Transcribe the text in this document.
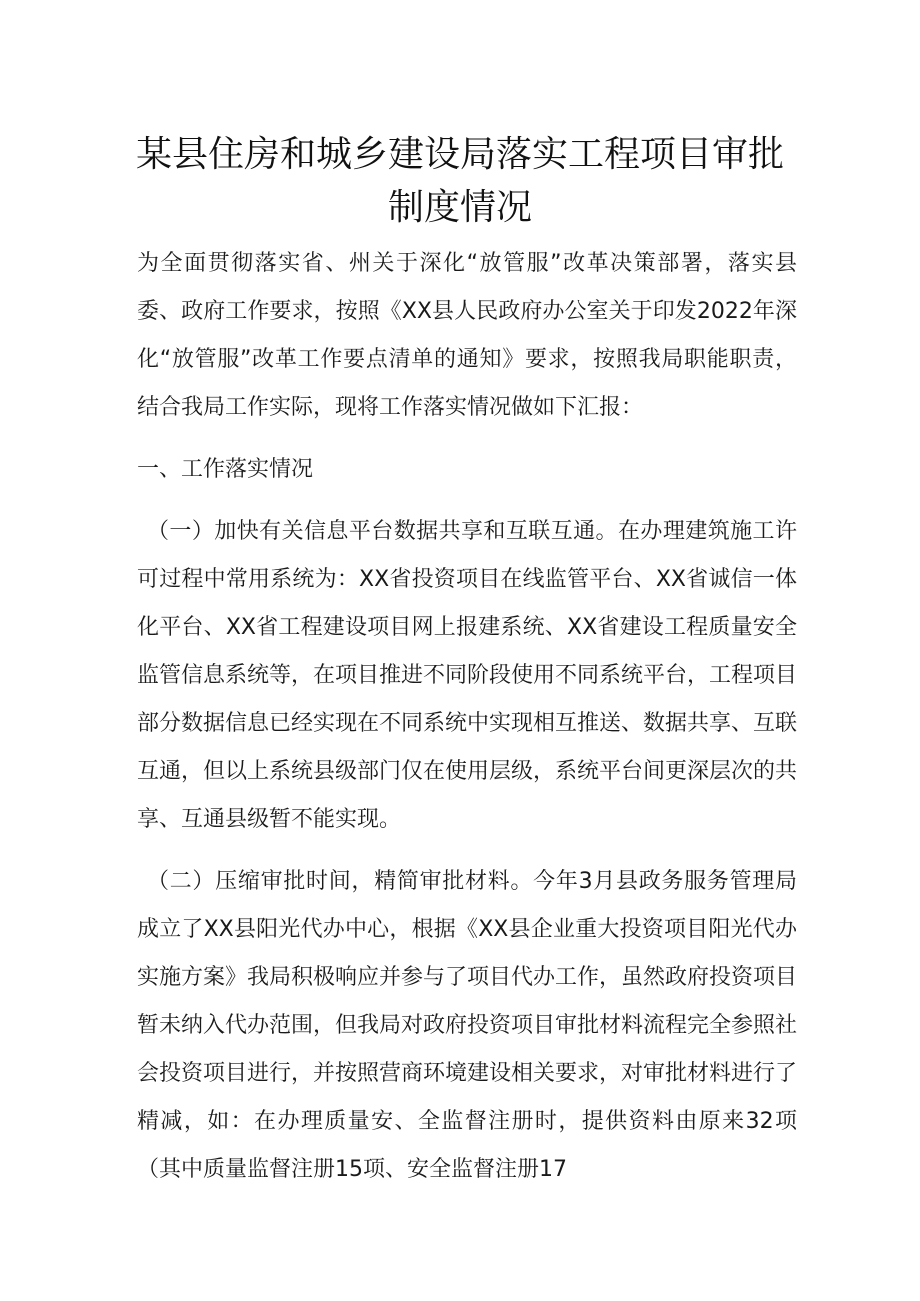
某县住房和城乡建设局落实工程项目审批
制度情况

为全面贯彻落实省、州关于深化“放管服”改革决策部署，落实县委、政府工作要求，按照《XX县人民政府办公室关于印发2022年深化“放管服”改革工作要点清单的通知》要求，按照我局职能职责，结合我局工作实际，现将工作落实情况做如下汇报：

一、工作落实情况

（一）加快有关信息平台数据共享和互联互通。在办理建筑施工许可过程中常用系统为：XX省投资项目在线监管平台、XX省诚信一体化平台、XX省工程建设项目网上报建系统、XX省建设工程质量安全监管信息系统等，在项目推进不同阶段使用不同系统平台，工程项目部分数据信息已经实现在不同系统中实现相互推送、数据共享、互联互通，但以上系统县级部门仅在使用层级，系统平台间更深层次的共享、互通县级暂不能实现。

（二）压缩审批时间，精简审批材料。今年3月县政务服务管理局成立了XX县阳光代办中心，根据《XX县企业重大投资项目阳光代办实施方案》我局积极响应并参与了项目代办工作，虽然政府投资项目暂未纳入代办范围，但我局对政府投资项目审批材料流程完全参照社会投资项目进行，并按照营商环境建设相关要求，对审批材料进行了精减，如：在办理质量安、全监督注册时，提供资料由原来32项（其中质量监督注册15项、安全监督注册17
